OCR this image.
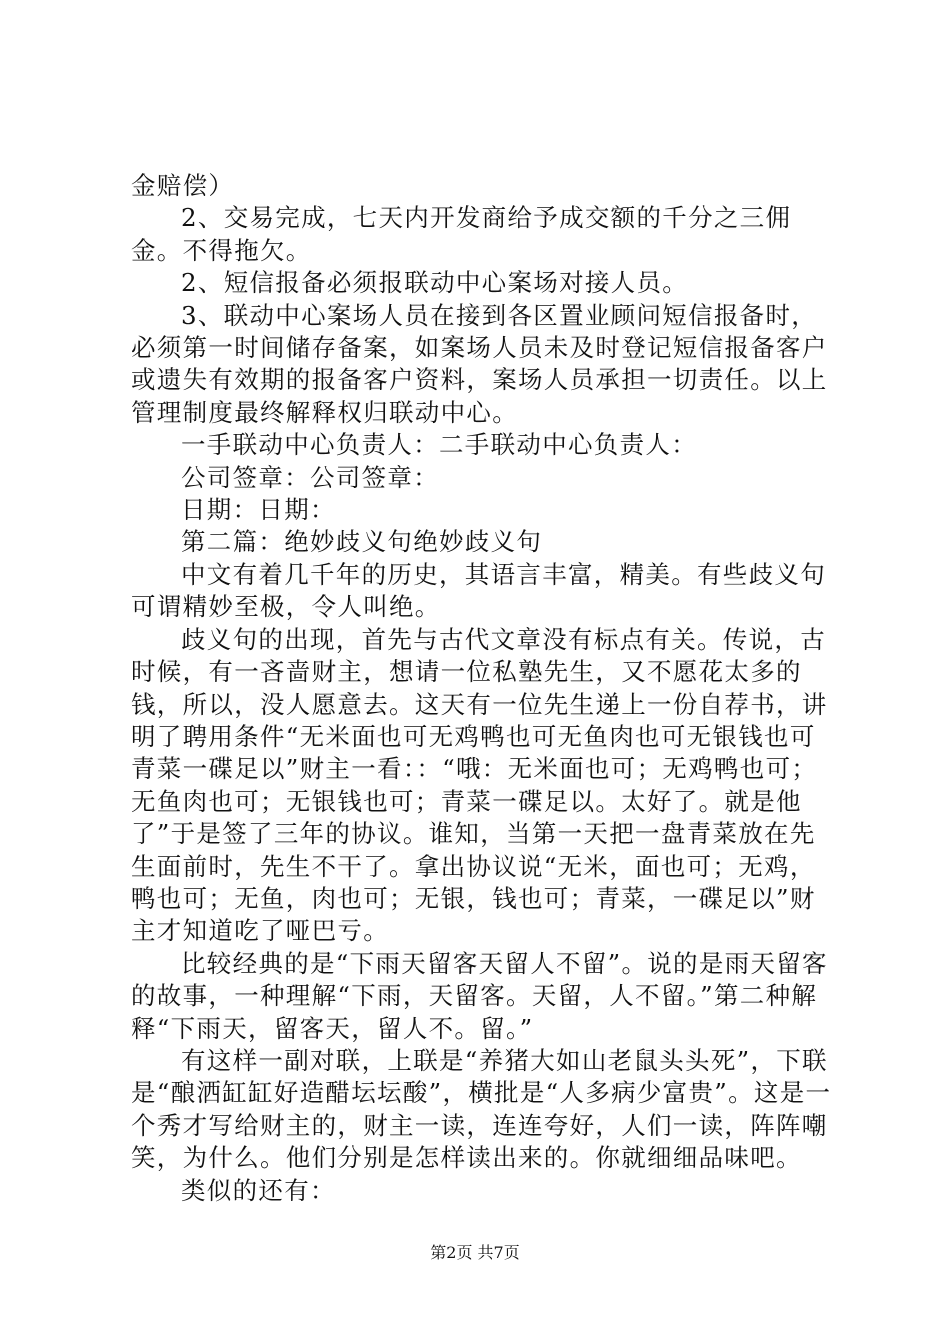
金赔偿）

2、交易完成，七天内开发商给予成交额的千分之三佣金。不得拖欠。

2、短信报备必须报联动中心案场对接人员。

3、联动中心案场人员在接到各区置业顾问短信报备时，必须第一时间储存备案，如案场人员未及时登记短信报备客户或遗失有效期的报备客户资料，案场人员承担一切责任。以上管理制度最终解释权归联动中心。

一手联动中心负责人：二手联动中心负责人：

公司签章：公司签章：

日期：日期：

第二篇：绝妙歧义句绝妙歧义句

中文有着几千年的历史，其语言丰富，精美。有些歧义句可谓精妙至极，令人叫绝。

歧义句的出现，首先与古代文章没有标点有关。传说，古时候，有一吝啬财主，想请一位私塾先生，又不愿花太多的钱，所以，没人愿意去。这天有一位先生递上一份自荐书，讲明了聘用条件“无米面也可无鸡鸭也可无鱼肉也可无银钱也可青菜一碟足以”财主一看：：“哦：无米面也可；无鸡鸭也可；无鱼肉也可；无银钱也可；青菜一碟足以。太好了。就是他了”于是签了三年的协议。谁知，当第一天把一盘青菜放在先生面前时，先生不干了。拿出协议说“无米，面也可；无鸡，鸭也可；无鱼，肉也可；无银，钱也可；青菜，一碟足以”财主才知道吃了哑巴亏。

比较经典的是“下雨天留客天留人不留”。说的是雨天留客的故事，一种理解“下雨，天留客。天留，人不留。”第二种解释“下雨天，留客天，留人不。留。”

有这样一副对联，上联是“养猪大如山老鼠头头死”，下联是“酿洒缸缸好造醋坛坛酸”，横批是“人多病少富贵”。这是一个秀才写给财主的，财主一读，连连夸好，人们一读，阵阵嘲笑，为什么。他们分别是怎样读出来的。你就细细品味吧。

类似的还有：

第2页 共7页
